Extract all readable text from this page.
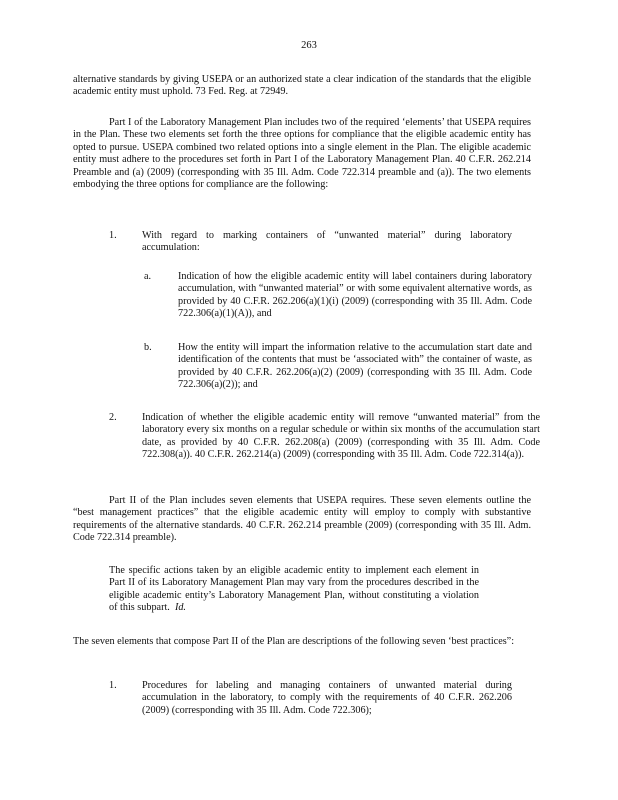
263

alternative standards by giving USEPA or an authorized state a clear indication of the standards that the eligible academic entity must uphold. 73 Fed. Reg. at 72949.

Part I of the Laboratory Management Plan includes two of the required ‘elements’ that USEPA requires in the Plan. These two elements set forth the three options for compliance that the eligible academic entity has opted to pursue. USEPA combined two related options into a single element in the Plan. The eligible academic entity must adhere to the procedures set forth in Part I of the Laboratory Management Plan. 40 C.F.R. 262.214 Preamble and (a) (2009) (corresponding with 35 Ill. Adm. Code 722.314 preamble and (a)). The two elements embodying the three options for compliance are the following:

1. With regard to marking containers of “unwanted material” during laboratory accumulation:

a.	Indication of how the eligible academic entity will label containers during laboratory accumulation, with “unwanted material” or with some equivalent alternative words, as provided by 40 C.F.R. 262.206(a)(1)(i) (2009) (corresponding with 35 Ill. Adm. Code 722.306(a)(1)(A)), and

b.	How the entity will impart the information relative to the accumulation start date and identification of the contents that must be ‘associated with” the container of waste, as provided by 40 C.F.R. 262.206(a)(2) (2009) (corresponding with 35 Ill. Adm. Code 722.306(a)(2)); and

2. Indication of whether the eligible academic entity will remove “unwanted material” from the laboratory every six months on a regular schedule or within six months of the accumulation start date, as provided by 40 C.F.R. 262.208(a) (2009) (corresponding with 35 Ill. Adm. Code 722.308(a)). 40 C.F.R. 262.214(a) (2009) (corresponding with 35 Ill. Adm. Code 722.314(a)).

Part II of the Plan includes seven elements that USEPA requires. These seven elements outline the “best management practices” that the eligible academic entity will employ to comply with substantive requirements of the alternative standards. 40 C.F.R. 262.214 preamble (2009) (corresponding with 35 Ill. Adm. Code 722.314 preamble).

The specific actions taken by an eligible academic entity to implement each element in Part II of its Laboratory Management Plan may vary from the procedures described in the eligible academic entity’s Laboratory Management Plan, without constituting a violation of this subpart. Id.

The seven elements that compose Part II of the Plan are descriptions of the following seven ‘best practices”:

1. Procedures for labeling and managing containers of unwanted material during accumulation in the laboratory, to comply with the requirements of 40 C.F.R. 262.206 (2009) (corresponding with 35 Ill. Adm. Code 722.306);
